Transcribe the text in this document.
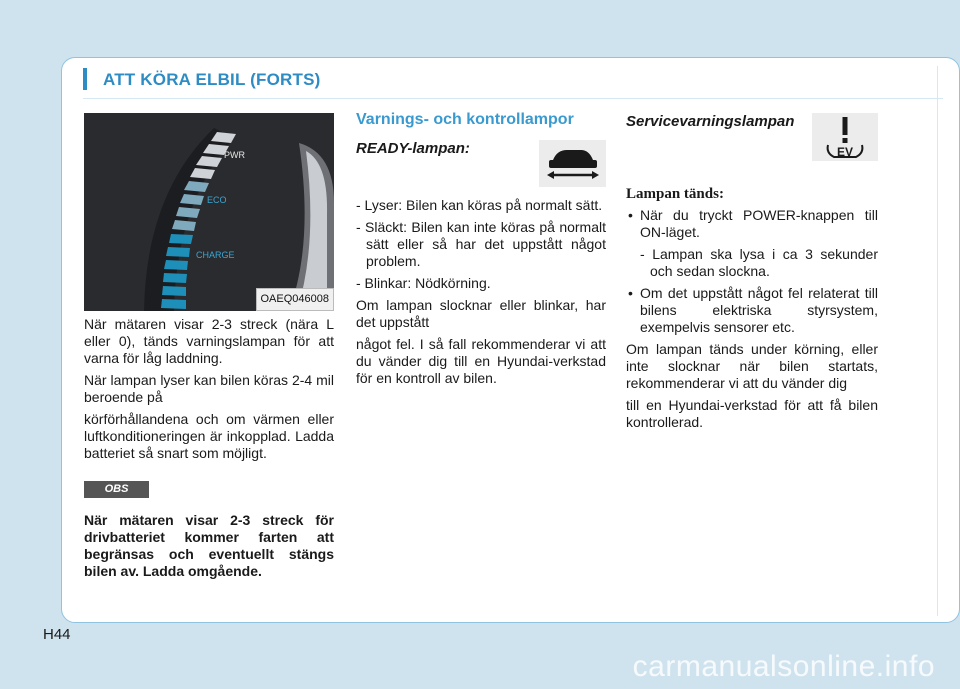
ATT KÖRA ELBIL (FORTS)
PWR
ECO
CHARGE
OAEQ046008

När mätaren visar 2-3 streck (nära L eller 0), tänds varningslampan för att varna för låg laddning.

När lampan lyser kan bilen köras 2-4 mil beroende på

körförhållandena och om värmen eller luftkonditioneringen är inkopplad. Ladda batteriet så snart som möjligt.

OBS

När mätaren visar 2-3 streck för drivbatteriet kommer farten att begränsas och eventuellt stängs bilen av. Ladda omgående.

Varnings- och kontrollampor
READY-lampan:
- Lyser: Bilen kan köras på normalt sätt.
- Släckt: Bilen kan inte köras på normalt sätt eller så har det uppstått något problem.
- Blinkar: Nödkörning.

Om lampan slocknar eller blinkar, har det uppstått

något fel. I så fall rekommenderar vi att du vänder dig till en Hyundai-verkstad för en kontroll av bilen.

Servicevarningslampan
EV
Lampan tänds:
• När du tryckt POWER-knappen till ON-läget.
- Lampan ska lysa i ca 3 sekunder och sedan slockna.
• Om det uppstått något fel relaterat till bilens elektriska styrsystem, exempelvis sensorer etc.

Om lampan tänds under körning, eller inte slocknar när bilen startats, rekommenderar vi att du vänder dig

till en Hyundai-verkstad för att få bilen kontrollerad.

H44
carmanualsonline.info
